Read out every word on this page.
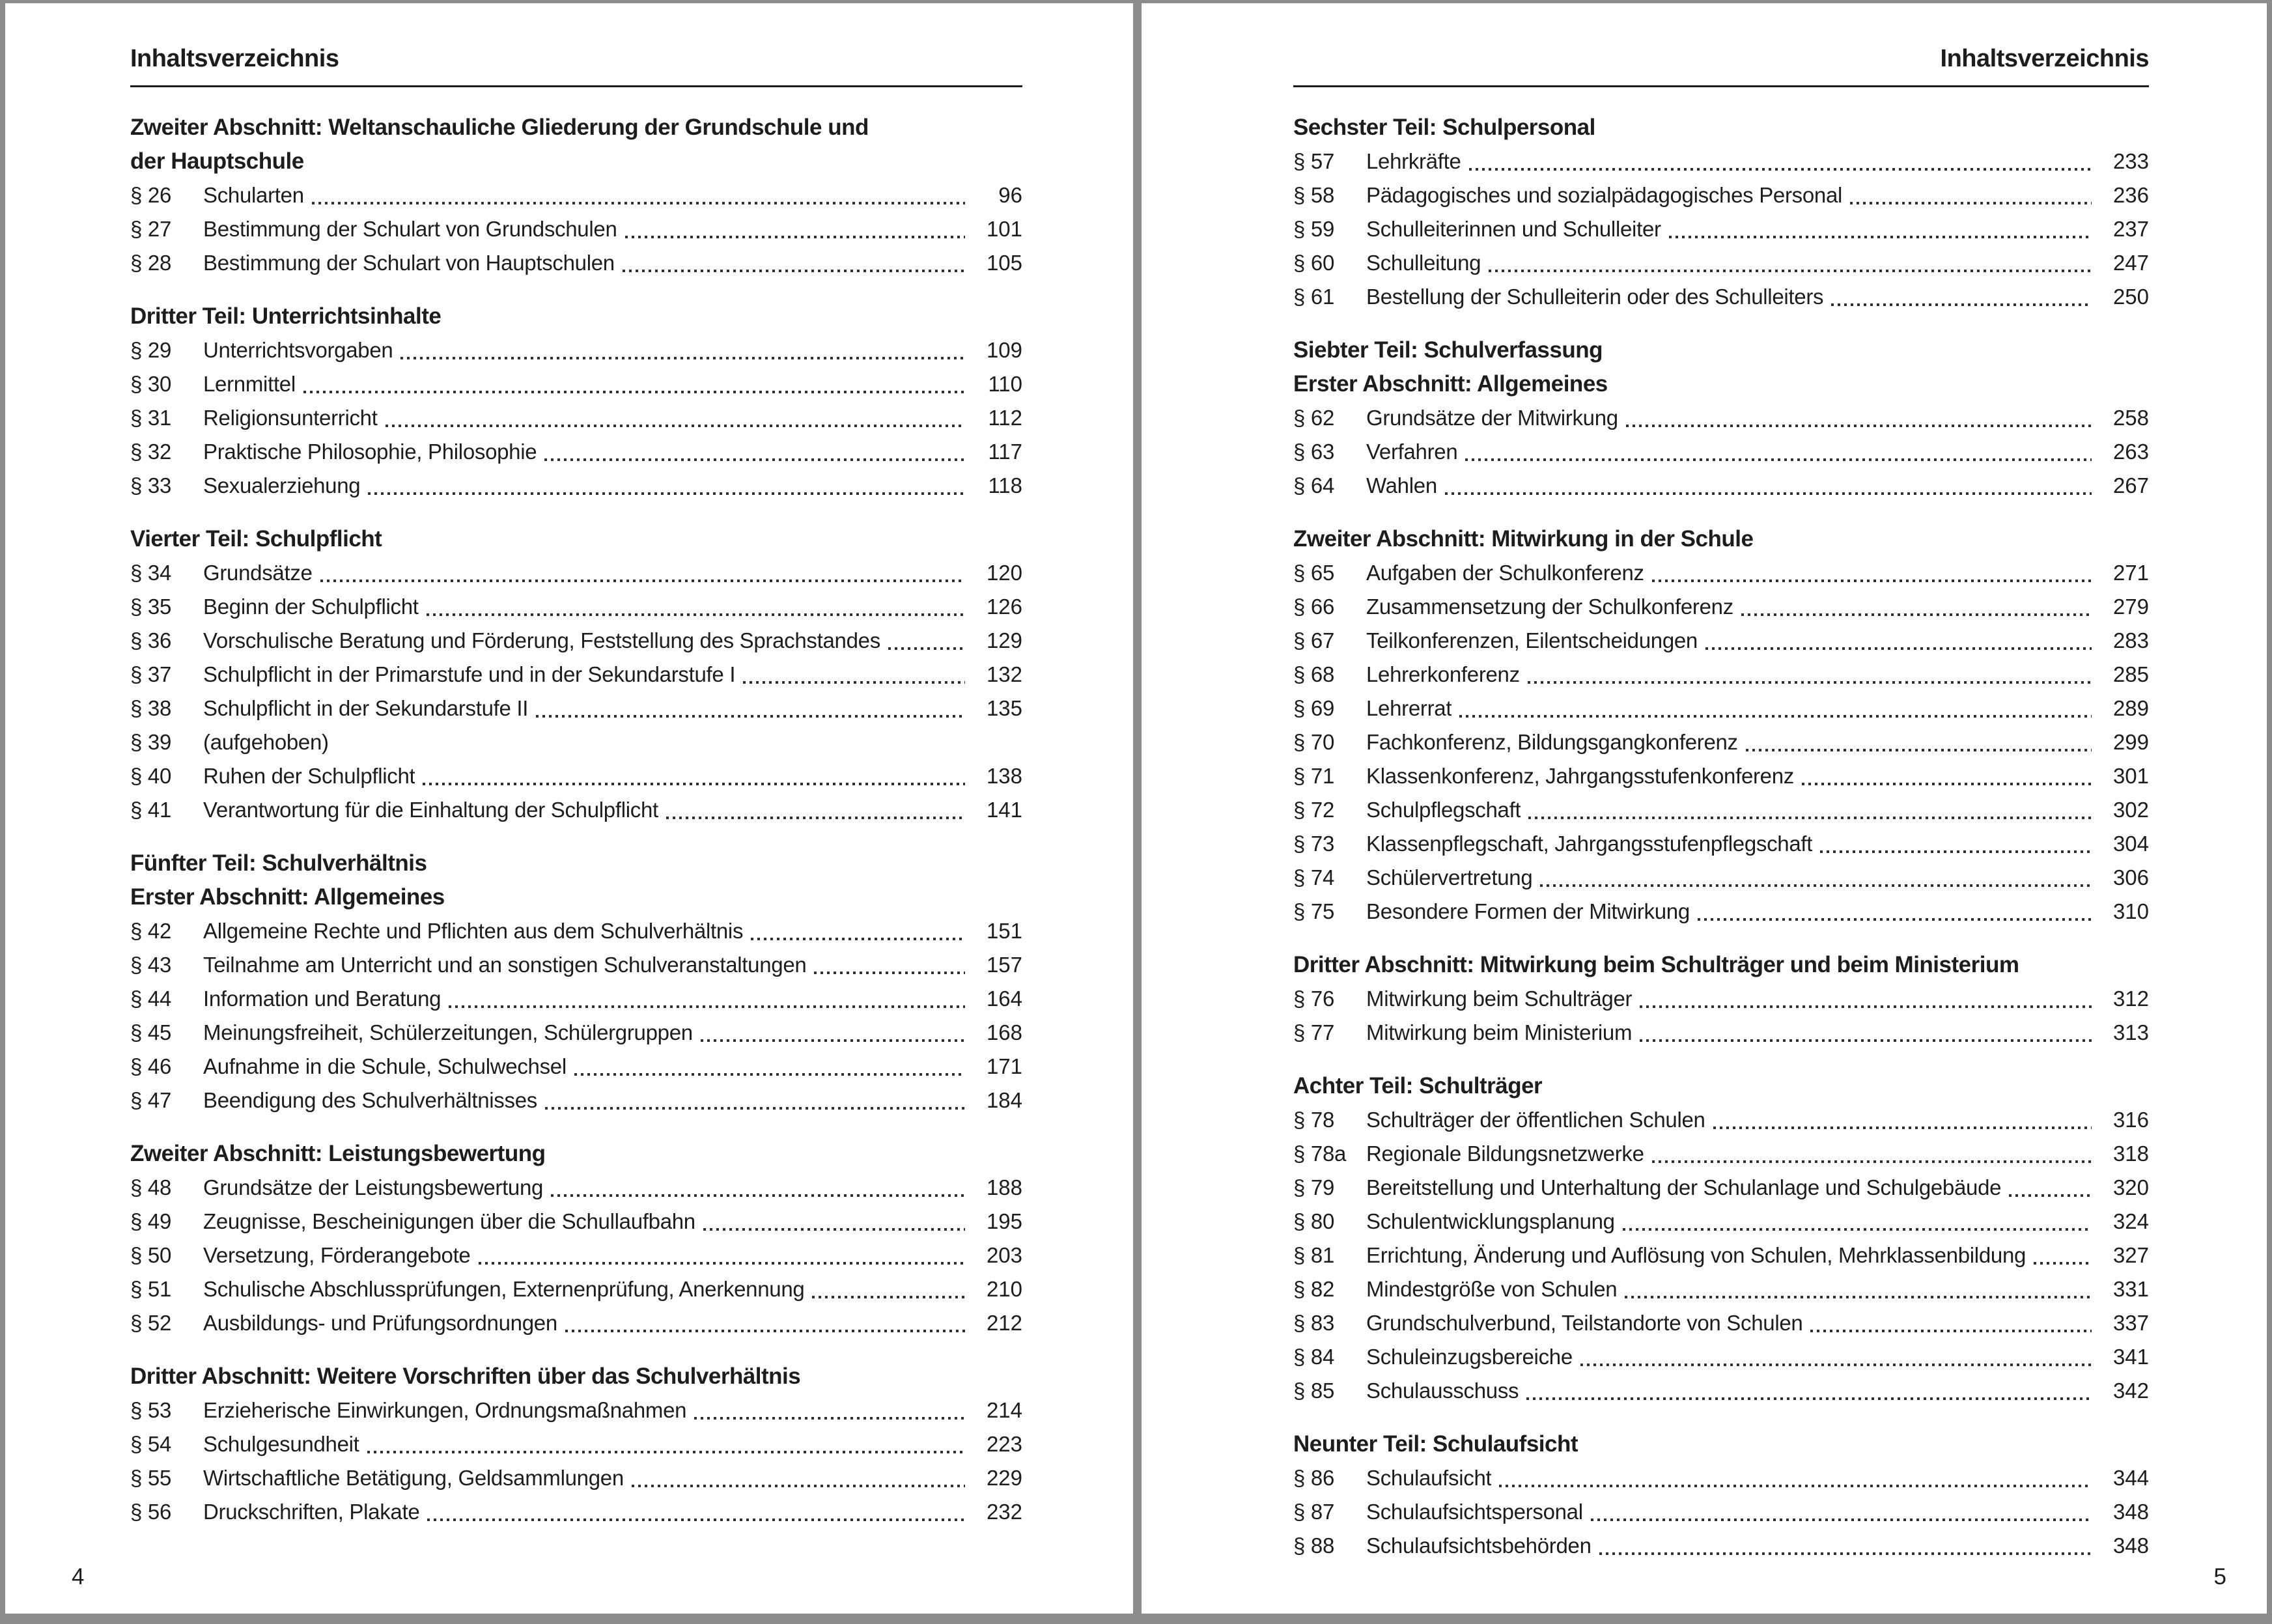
Inhaltsverzeichnis
Zweiter Abschnitt: Weltanschauliche Gliederung der Grundschule und
der Hauptschule
§ 26	Schularten	96
§ 27	Bestimmung der Schulart von Grundschulen	101
§ 28	Bestimmung der Schulart von Hauptschulen	105
Dritter Teil: Unterrichtsinhalte
§ 29	Unterrichtsvorgaben	109
§ 30	Lernmittel	110
§ 31	Religionsunterricht	112
§ 32	Praktische Philosophie, Philosophie	117
§ 33	Sexualerziehung	118
Vierter Teil: Schulpflicht
§ 34	Grundsätze	120
§ 35	Beginn der Schulpflicht	126
§ 36	Vorschulische Beratung und Förderung, Feststellung des Sprachstandes	129
§ 37	Schulpflicht in der Primarstufe und in der Sekundarstufe I	132
§ 38	Schulpflicht in der Sekundarstufe II	135
§ 39	(aufgehoben)
§ 40	Ruhen der Schulpflicht	138
§ 41	Verantwortung für die Einhaltung der Schulpflicht	141
Fünfter Teil: Schulverhältnis
Erster Abschnitt: Allgemeines
§ 42	Allgemeine Rechte und Pflichten aus dem Schulverhältnis	151
§ 43	Teilnahme am Unterricht und an sonstigen Schulveranstaltungen	157
§ 44	Information und Beratung	164
§ 45	Meinungsfreiheit, Schülerzeitungen, Schülergruppen	168
§ 46	Aufnahme in die Schule, Schulwechsel	171
§ 47	Beendigung des Schulverhältnisses	184
Zweiter Abschnitt: Leistungsbewertung
§ 48	Grundsätze der Leistungsbewertung	188
§ 49	Zeugnisse, Bescheinigungen über die Schullaufbahn	195
§ 50	Versetzung, Förderangebote	203
§ 51	Schulische Abschlussprüfungen, Externenprüfung, Anerkennung	210
§ 52	Ausbildungs- und Prüfungsordnungen	212
Dritter Abschnitt: Weitere Vorschriften über das Schulverhältnis
§ 53	Erzieherische Einwirkungen, Ordnungsmaßnahmen	214
§ 54	Schulgesundheit	223
§ 55	Wirtschaftliche Betätigung, Geldsammlungen	229
§ 56	Druckschriften, Plakate	232
4
Inhaltsverzeichnis
Sechster Teil: Schulpersonal
§ 57	Lehrkräfte	233
§ 58	Pädagogisches und sozialpädagogisches Personal	236
§ 59	Schulleiterinnen und Schulleiter	237
§ 60	Schulleitung	247
§ 61	Bestellung der Schulleiterin oder des Schulleiters	250
Siebter Teil: Schulverfassung
Erster Abschnitt: Allgemeines
§ 62	Grundsätze der Mitwirkung	258
§ 63	Verfahren	263
§ 64	Wahlen	267
Zweiter Abschnitt: Mitwirkung in der Schule
§ 65	Aufgaben der Schulkonferenz	271
§ 66	Zusammensetzung der Schulkonferenz	279
§ 67	Teilkonferenzen, Eilentscheidungen	283
§ 68	Lehrerkonferenz	285
§ 69	Lehrerrat	289
§ 70	Fachkonferenz, Bildungsgangkonferenz	299
§ 71	Klassenkonferenz, Jahrgangsstufenkonferenz	301
§ 72	Schulpflegschaft	302
§ 73	Klassenpflegschaft, Jahrgangsstufenpflegschaft	304
§ 74	Schülervertretung	306
§ 75	Besondere Formen der Mitwirkung	310
Dritter Abschnitt: Mitwirkung beim Schulträger und beim Ministerium
§ 76	Mitwirkung beim Schulträger	312
§ 77	Mitwirkung beim Ministerium	313
Achter Teil: Schulträger
§ 78	Schulträger der öffentlichen Schulen	316
§ 78a Regionale Bildungsnetzwerke	318
§ 79	Bereitstellung und Unterhaltung der Schulanlage und Schulgebäude	320
§ 80	Schulentwicklungsplanung	324
§ 81	Errichtung, Änderung und Auflösung von Schulen, Mehrklassenbildung	327
§ 82	Mindestgröße von Schulen	331
§ 83	Grundschulverbund, Teilstandorte von Schulen	337
§ 84	Schuleinzugsbereiche	341
§ 85	Schulausschuss	342
Neunter Teil: Schulaufsicht
§ 86	Schulaufsicht	344
§ 87	Schulaufsichtspersonal	348
§ 88	Schulaufsichtsbehörden	348
5
